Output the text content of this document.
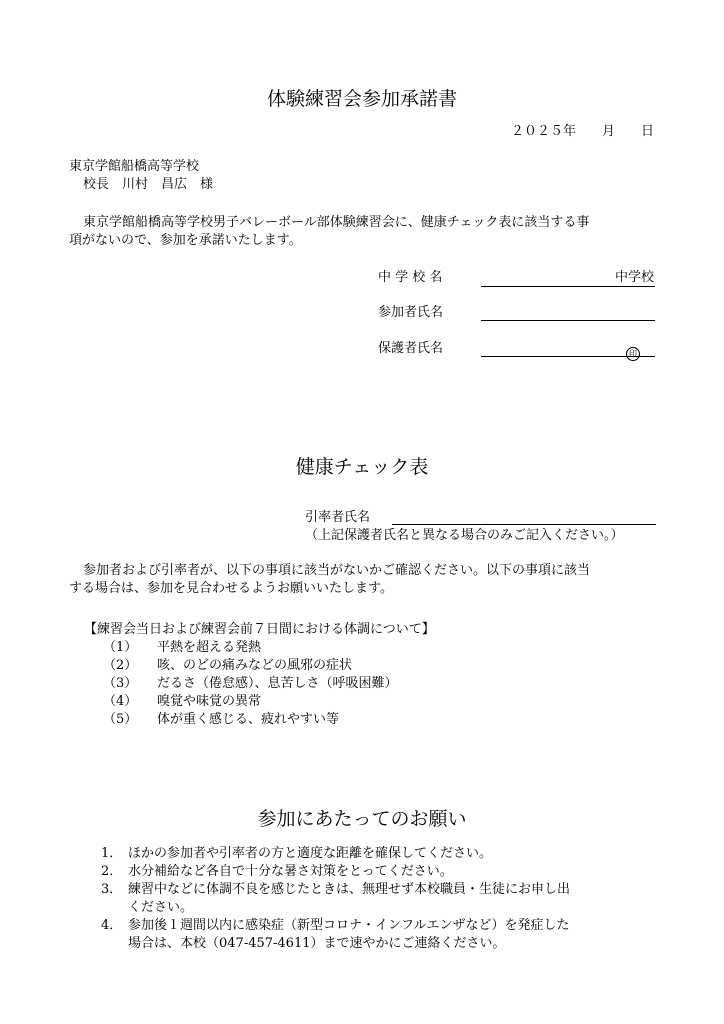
体験練習会参加承諾書
２０２５年　　月　　日
東京学館船橋高等学校
校長　川村　昌広　様
東京学館船橋高等学校男子バレーボール部体験練習会に、健康チェック表に該当する事
項がないので、参加を承諾いたします。
中 学 校 名	中学校
参加者氏名
保護者氏名	印
健康チェック表
引率者氏名
（上記保護者氏名と異なる場合のみご記入ください。）
参加者および引率者が、以下の事項に該当がないかご確認ください。以下の事項に該当
する場合は、参加を見合わせるようお願いいたします。
【練習会当日および練習会前７日間における体調について】
（1） 平熱を超える発熱
（2） 咳、のどの痛みなどの風邪の症状
（3） だるさ（倦怠感）、息苦しさ（呼吸困難）
（4） 嗅覚や味覚の異常
（5） 体が重く感じる、疲れやすい等
参加にあたってのお願い
1． ほかの参加者や引率者の方と適度な距離を確保してください。
2． 水分補給など各自で十分な暑さ対策をとってください。
3． 練習中などに体調不良を感じたときは、無理せず本校職員・生徒にお申し出
ください。
4． 参加後１週間以内に感染症（新型コロナ・インフルエンザなど）を発症した
場合は、本校（047-457-4611）まで速やかにご連絡ください。
